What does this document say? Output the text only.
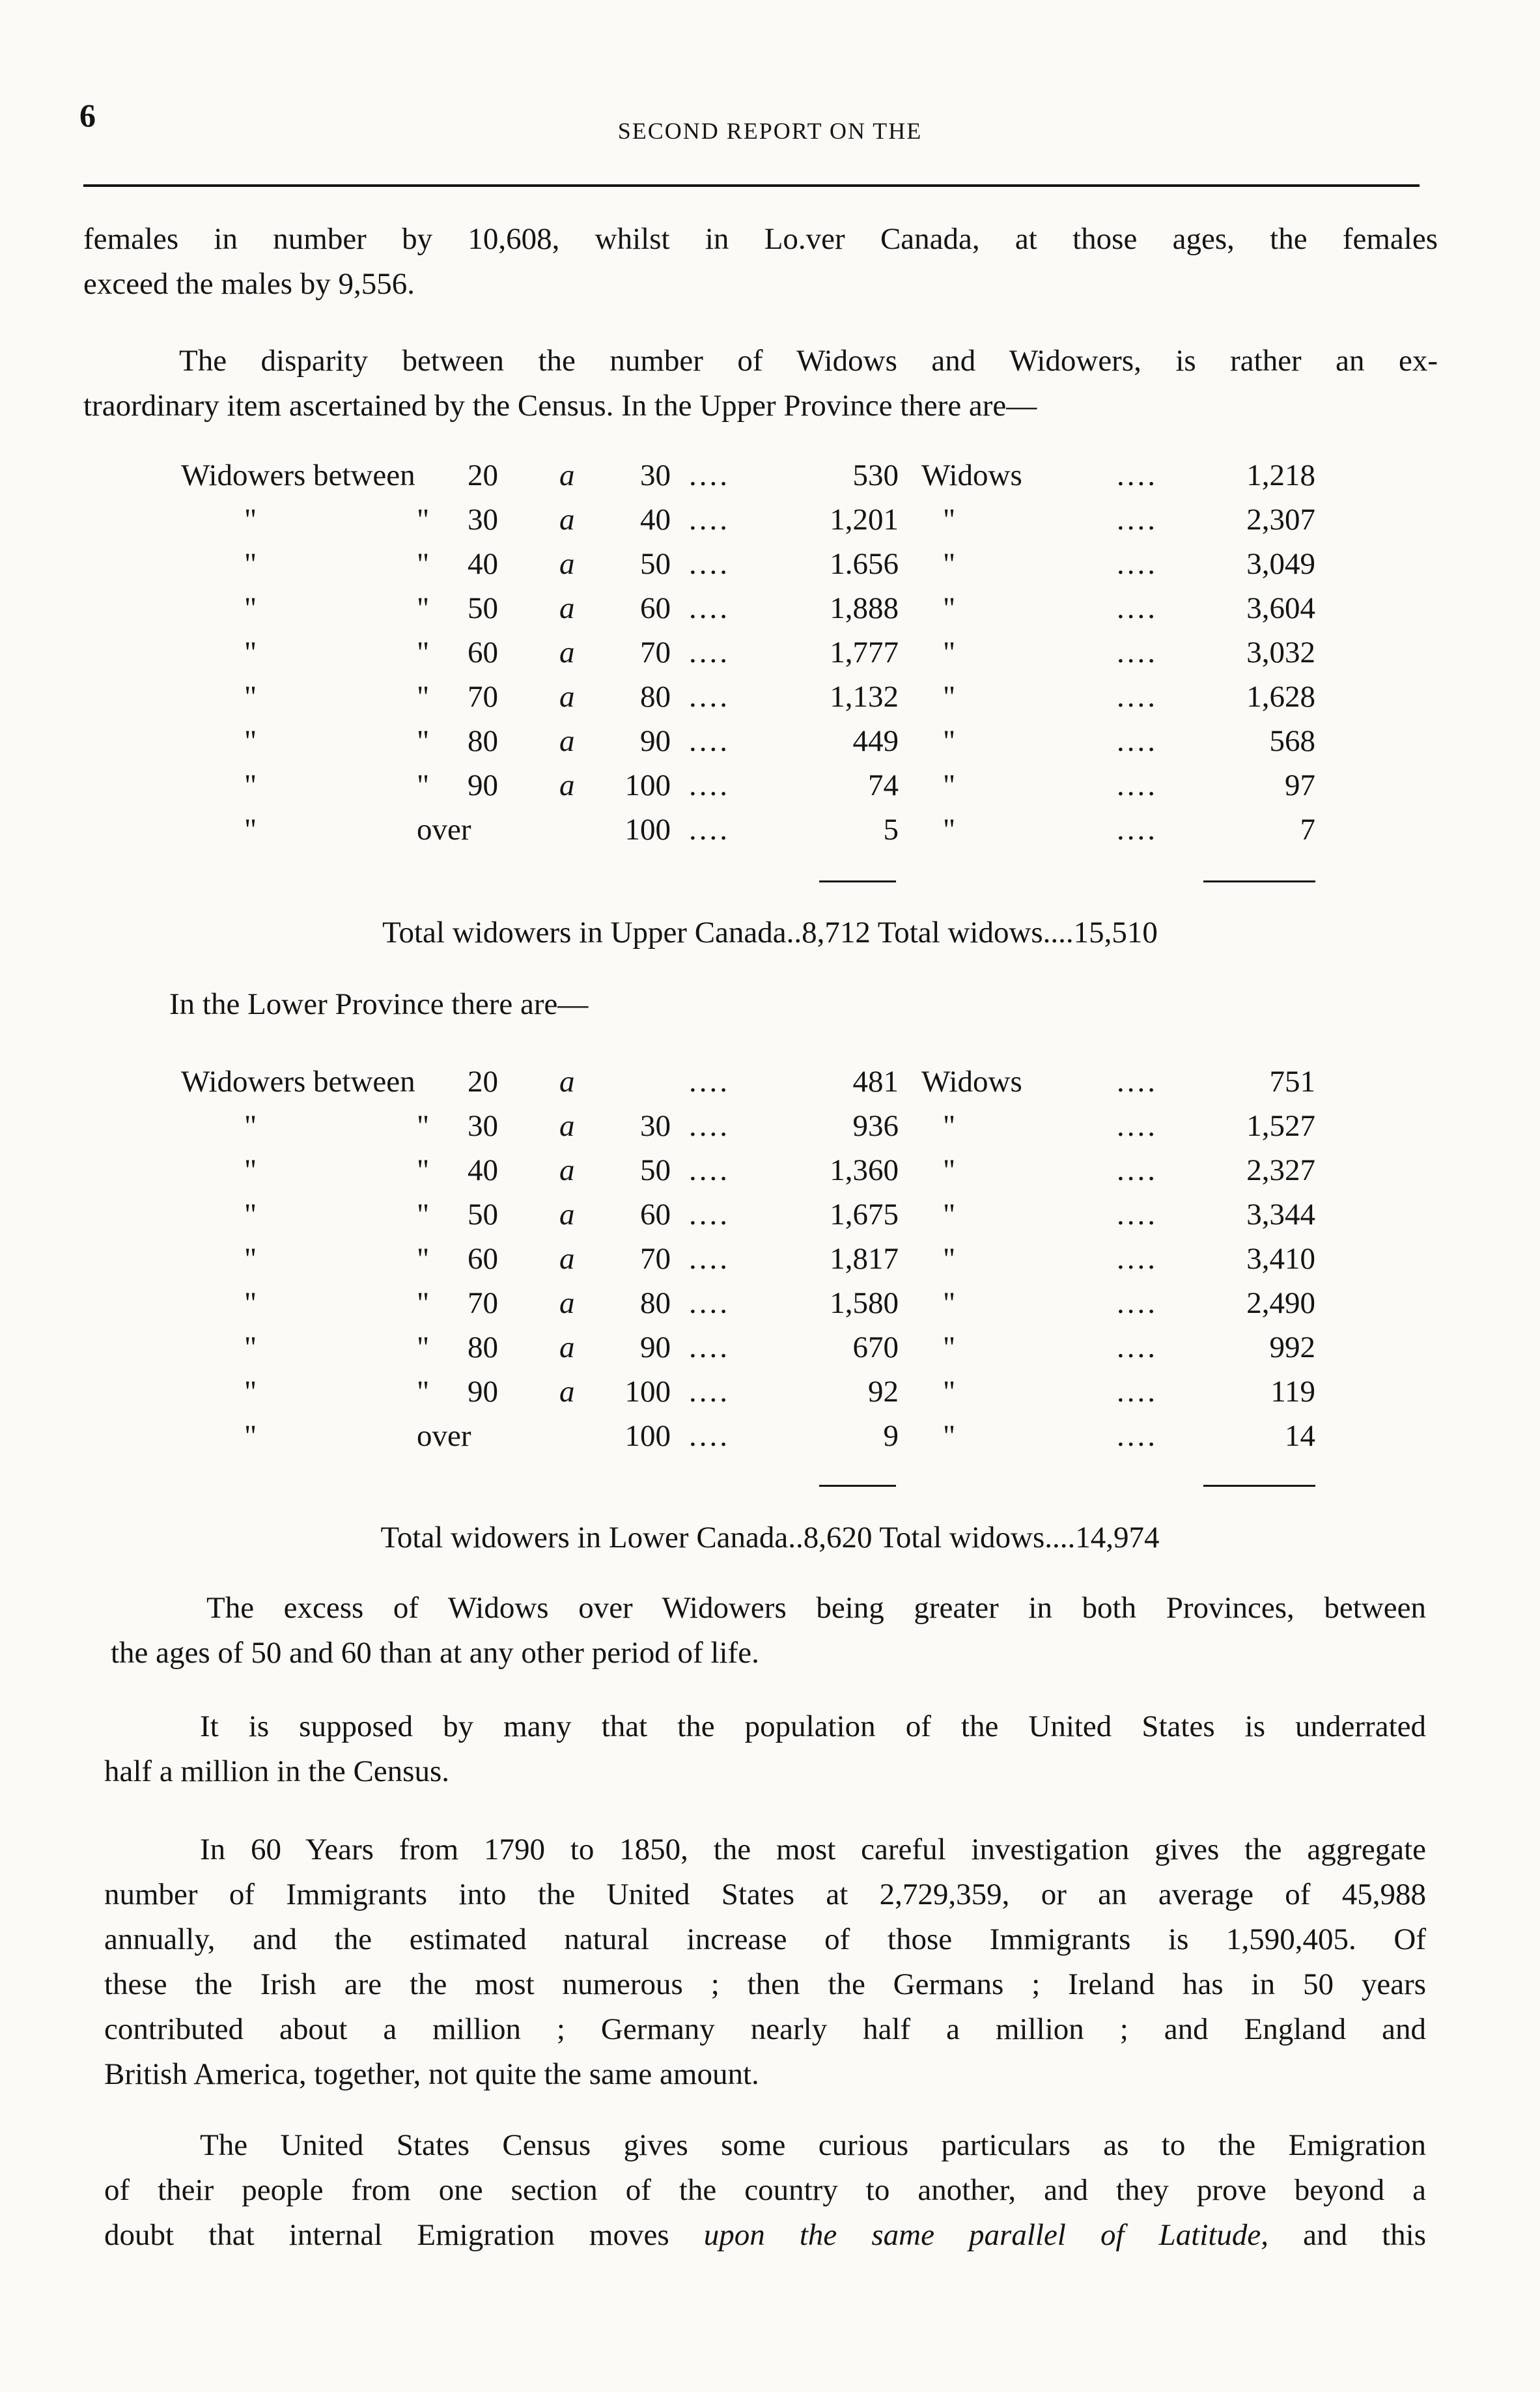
6	SECOND REPORT ON THE
females in number by 10,608, whilst in Lo.ver Canada, at those ages, the females
exceed the males by 9,556.
The disparity between the number of Widows and Widowers, is rather an ex-
traordinary item ascertained by the Census. In the Upper Province there are—
Widowers between 20 a 30 ....	530 Widows	....	1,218
"	" 30 a 40 ....	1,201 "	....	2,307
"	" 40 a 50 ....	1.656 "	....	3,049
"	" 50 a 60 ....	1,888 "	....	3,604
"	" 60 a 70 ....	1,777 "	....	3,032
"	" 70 a 80 ....	1,132 "	....	1,628
"	" 80 a 90 ....	449 "	....	568
"	" 90 a 100 ....	74 "	....	97
"	over	100 ....	5 "	....	7
Total widowers in Upper Canada..8,712 Total widows....15,510
In the Lower Province there are—
Widowers between 20 a	....	481 Widows	....	751
"	" 30 a 30 ....	936 "	....	1,527
"	" 40 a 50 ....	1,360 "	....	2,327
"	" 50 a 60 ....	1,675 "	....	3,344
"	" 60 a 70 ....	1,817 "	....	3,410
"	" 70 a 80 ....	1,580 "	....	2,490
"	" 80 a 90 ....	670 "	....	992
"	" 90 a 100 ....	92 "	....	119
"	over	100 ....	9 "	....	14
Total widowers in Lower Canada..8,620 Total widows....14,974
The excess of Widows over Widowers being greater in both Provinces, between
the ages of 50 and 60 than at any other period of life.
It is supposed by many that the population of the United States is underrated
half a million in the Census.
In 60 Years from 1790 to 1850, the most careful investigation gives the aggregate
number of Immigrants into the United States at 2,729,359, or an average of 45,988
annually, and the estimated natural increase of those Immigrants is 1,590,405. Of
these the Irish are the most numerous ; then the Germans ; Ireland has in 50 years
contributed about a million ; Germany nearly half a million ; and England and
British America, together, not quite the same amount.
The United States Census gives some curious particulars as to the Emigration
of their people from one section of the country to another, and they prove beyond a
doubt that internal Emigration moves upon the same parallel of Latitude, and this
